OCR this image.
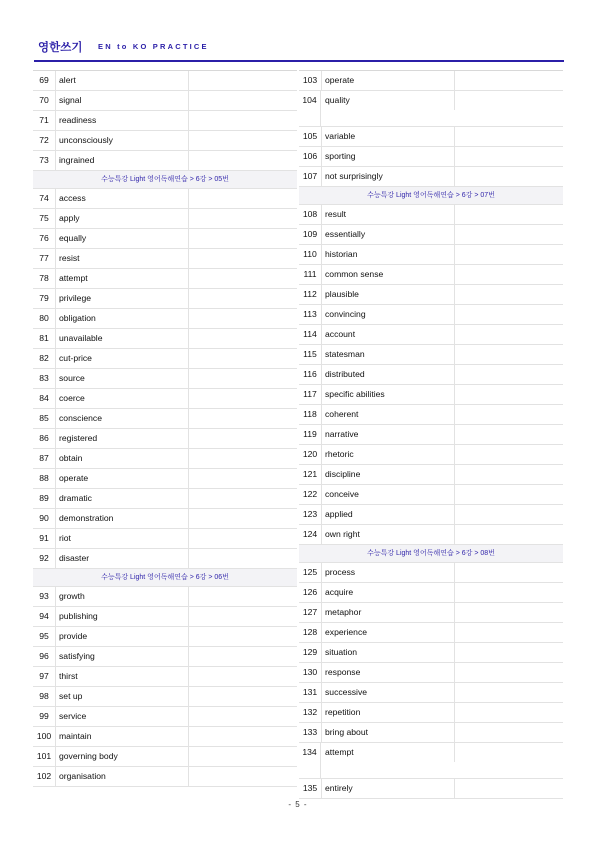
영한쓰기 EN to KO PRACTICE
69	alert
70	signal
71	readiness
72	unconsciously
73	ingrained
수능특강 Light 영어독해연습 > 6강 > 05번
74	access
75	apply
76	equally
77	resist
78	attempt
79	privilege
80	obligation
81	unavailable
82	cut-price
83	source
84	coerce
85	conscience
86	registered
87	obtain
88	operate
89	dramatic
90	demonstration
91	riot
92	disaster
수능특강 Light 영어독해연습 > 6강 > 06번
93	growth
94	publishing
95	provide
96	satisfying
97	thirst
98	set up
99	service
100 maintain
101 governing body
102 organisation
103 operate
104 quality
105 variable
106 sporting
107 not surprisingly
수능특강 Light 영어독해연습 > 6강 > 07번
108 result
109 essentially
110 historian
111 common sense
112 plausible
113 convincing
114 account
115 statesman
116 distributed
117 specific abilities
118 coherent
119 narrative
120 rhetoric
121 discipline
122 conceive
123 applied
124 own right
수능특강 Light 영어독해연습 > 6강 > 08번
125 process
126 acquire
127 metaphor
128 experience
129 situation
130 response
131 successive
132 repetition
133 bring about
134 attempt
135 entirely
- 5 -
